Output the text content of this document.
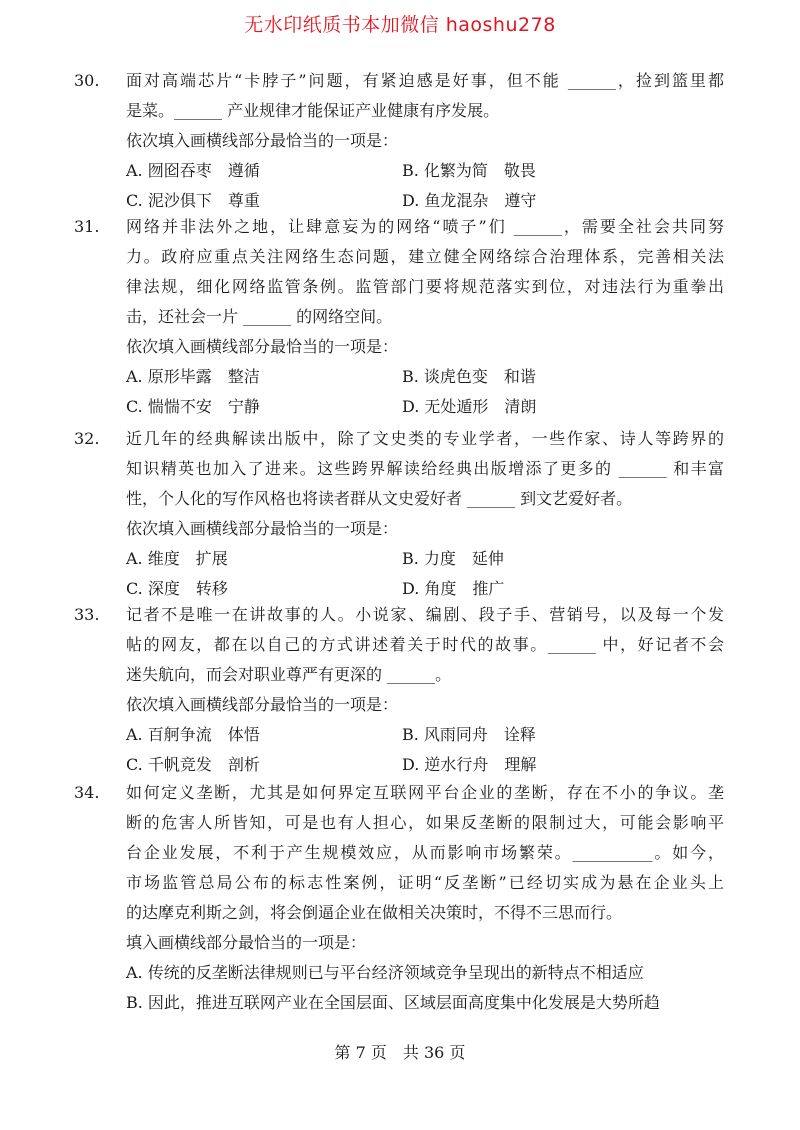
无水印纸质书本加微信 haoshu278
30.	面对高端芯片“卡脖子”问题，有紧迫感是好事，但不能 ______，捡到篮里都
是菜。______ 产业规律才能保证产业健康有序发展。
依次填入画横线部分最恰当的一项是：
A. 囫囵吞枣　遵循	B. 化繁为简　敬畏
C. 泥沙俱下　尊重	D. 鱼龙混杂　遵守
31.	网络并非法外之地，让肆意妄为的网络“喷子”们 ______，需要全社会共同努
力。政府应重点关注网络生态问题，建立健全网络综合治理体系，完善相关法
律法规，细化网络监管条例。监管部门要将规范落实到位，对违法行为重拳出
击，还社会一片 ______ 的网络空间。
依次填入画横线部分最恰当的一项是：
A. 原形毕露　整洁	B. 谈虎色变　和谐
C. 惴惴不安　宁静	D. 无处遁形　清朗
32.	近几年的经典解读出版中，除了文史类的专业学者，一些作家、诗人等跨界的
知识精英也加入了进来。这些跨界解读给经典出版增添了更多的 ______ 和丰富
性，个人化的写作风格也将读者群从文史爱好者 ______ 到文艺爱好者。
依次填入画横线部分最恰当的一项是：
A. 维度　扩展	B. 力度　延伸
C. 深度　转移	D. 角度　推广
33.	记者不是唯一在讲故事的人。小说家、编剧、段子手、营销号，以及每一个发
帖的网友，都在以自己的方式讲述着关于时代的故事。______ 中，好记者不会
迷失航向，而会对职业尊严有更深的 ______。
依次填入画横线部分最恰当的一项是：
A. 百舸争流　体悟	B. 风雨同舟　诠释
C. 千帆竞发　剖析	D. 逆水行舟　理解
34.	如何定义垄断，尤其是如何界定互联网平台企业的垄断，存在不小的争议。垄
断的危害人所皆知，可是也有人担心，如果反垄断的限制过大，可能会影响平
台企业发展，不利于产生规模效应，从而影响市场繁荣。__________。如今，
市场监管总局公布的标志性案例，证明“反垄断”已经切实成为悬在企业头上
的达摩克利斯之剑，将会倒逼企业在做相关决策时，不得不三思而行。
填入画横线部分最恰当的一项是：
A. 传统的反垄断法律规则已与平台经济领域竞争呈现出的新特点不相适应
B. 因此，推进互联网产业在全国层面、区域层面高度集中化发展是大势所趋
第 7 页　共 36 页
